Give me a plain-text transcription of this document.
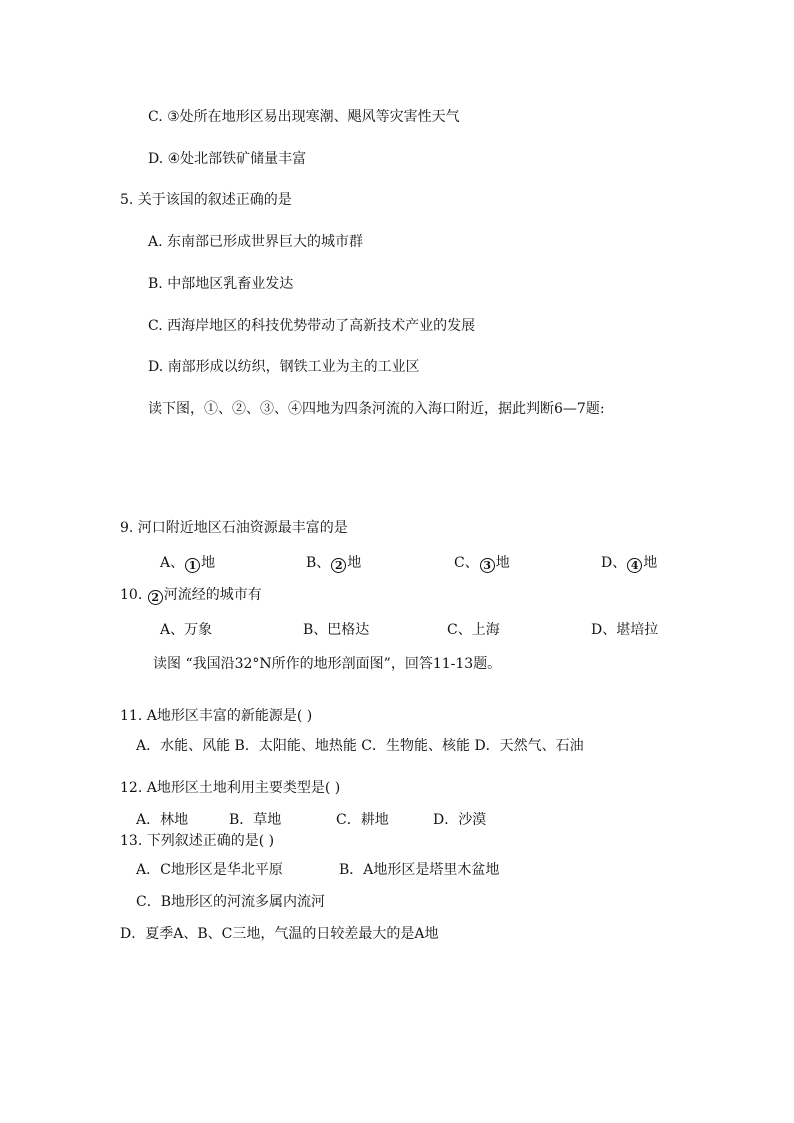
C. ③处所在地形区易出现寒潮、飓风等灾害性天气
D. ④处北部铁矿储量丰富
5. 关于该国的叙述正确的是
A. 东南部已形成世界巨大的城市群
B. 中部地区乳畜业发达
C. 西海岸地区的科技优势带动了高新技术产业的发展
D. 南部形成以纺织，钢铁工业为主的工业区
读下图，①、②、③、④四地为四条河流的入海口附近，据此判断6—7题:
9. 河口附近地区石油资源最丰富的是
A、 1 地	B、 2 地	C、 3 地	D、 4 地
10. 2 河流经的城市有
A、万象	B、巴格达	C、上海	D、堪培拉
读图 “我国沿32°N所作的地形剖面图”，回答11-13题。
11. A地形区丰富的新能源是( )
A．水能、风能 B．太阳能、地热能 C．生物能、核能 D．天然气、石油
12. A地形区土地利用主要类型是( )
A．林地	B．草地	C．耕地	D．沙漠
13. 下列叙述正确的是( )
A．C地形区是华北平原	B．A地形区是塔里木盆地
C．B地形区的河流多属内流河
D．夏季A、B、C三地，气温的日较差最大的是A地
